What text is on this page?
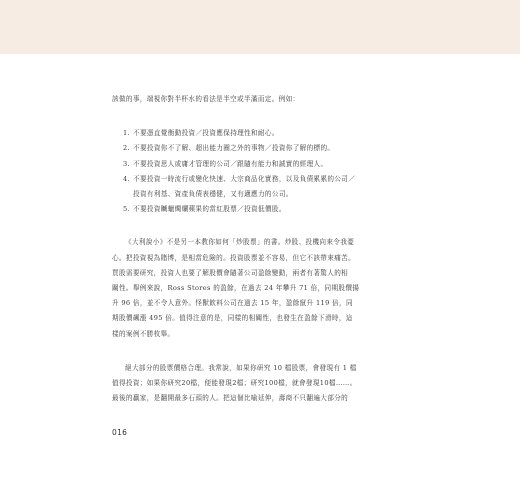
該做的事，端視你對半杯水的看法是半空或半滿而定。例如：

1. 不要憑直覺衡動投資／投資應保持理性和耐心。
2. 不要投資你不了解、超出能力圈之外的事物／投資你了解的標的。
3. 不要投資思人或庸才管理的公司／跟隨有能力和誠實的經理人。
4. 不要投資一時流行或變化快速、大宗商品化實務，以及負債累累的公司／
投資有利基、資產負債表穩健，又有適應力的公司。
5. 不要投資贓蠟燭爛蘋果的當紅股票／投資低價股。
《大利說小》不是另一本教你如何「炒股票」的書。炒股、投機向來令我憂
心。把投資視為賭博，是相當危險的。投資股票並不容易，但它不該帶來痛苦。
買股需要研究，投資人也要了解股價會隨著公司盈餘變動，兩者有著驚人的相
關性。舉例來說，Ross Stores 的盈餘，在過去 24 年攀升 71 倍，同期股價揚
升 96 倍，並不令人意外。怪獸飲料公司在過去 15 年，盈餘竄升 119 倍，同
期股價飆漲 495 倍。值得注意的是，同樣的相關性，也發生在盈餘下滑時，這
樣的案例不勝枚舉。
絕大部分的股票價格合理。我常說，如果你研究 10 檔股票，會發現有 1 檔
值得投資；如果你研究20檔，便能發現2檔；研究100檔，就會發現10檔……。
最後的贏家，是翻開最多石頭的人。把這個比喻延伸，壽商不只翻遍大部分的
016
